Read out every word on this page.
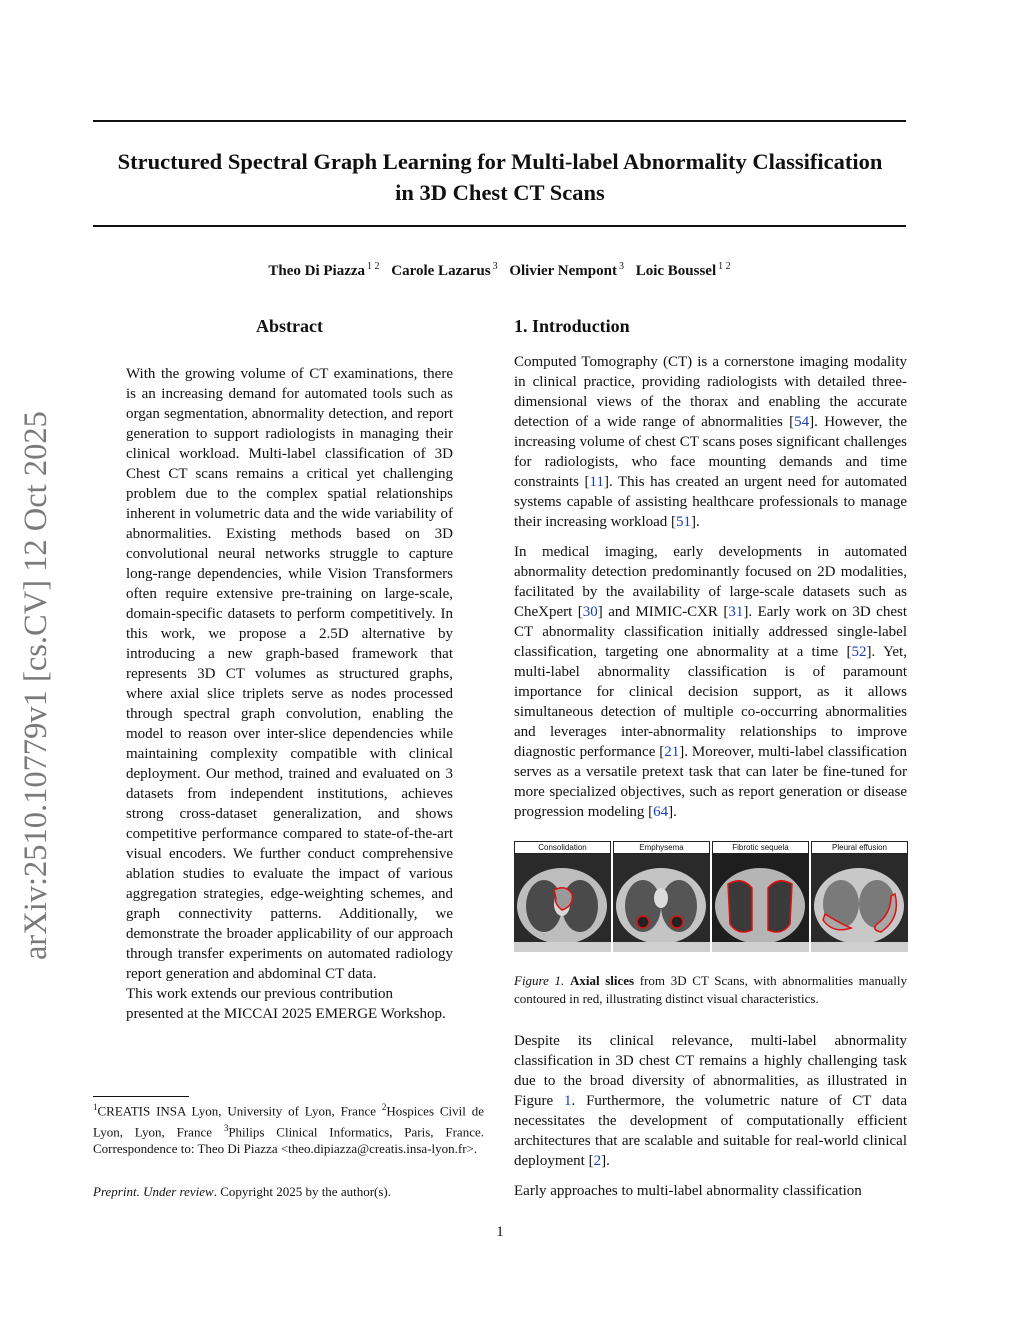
Structured Spectral Graph Learning for Multi-label Abnormality Classification
in 3D Chest CT Scans
Theo Di Piazza $^{1 2}$ Carole Lazarus $^3$ Olivier Nempont $^3$ Loic Boussel $^{1 2}$
arXiv:2510.10779v1 [cs.CV] 12 Oct 2025
Abstract

With the growing volume of CT examinations, there is an increasing demand for automated tools such as organ segmentation, abnormality detection, and report generation to support radiologists in managing their clinical workload. Multi-label classification of 3D Chest CT scans remains a critical yet challenging problem due to the complex spatial relationships inherent in volumetric data and the wide variability of abnormalities. Existing methods based on 3D convolutional neural networks struggle to capture long-range dependencies, while Vision Transformers often require extensive pre-training on large-scale, domain-specific datasets to perform competitively. In this work, we propose a 2.5D alternative by introducing a new graph-based framework that represents 3D CT volumes as structured graphs, where axial slice triplets serve as nodes processed through spectral graph convolution, enabling the model to reason over inter-slice dependencies while maintaining complexity compatible with clinical deployment. Our method, trained and evaluated on 3 datasets from independent institutions, achieves strong cross-dataset generalization, and shows competitive performance compared to state-of-the-art visual encoders. We further conduct comprehensive ablation studies to evaluate the impact of various aggregation strategies, edge-weighting schemes, and graph connectivity patterns. Additionally, we demonstrate the broader applicability of our approach through transfer experiments on automated radiology report generation and abdominal CT data.

This work extends our previous contribution presented at the MICCAI 2025 EMERGE Workshop.

1. Introduction

Computed Tomography (CT) is a cornerstone imaging modality in clinical practice, providing radiologists with detailed three-dimensional views of the thorax and enabling the accurate detection of a wide range of abnormalities [54]. However, the increasing volume of chest CT scans poses significant challenges for radiologists, who face mounting demands and time constraints [11]. This has created an urgent need for automated systems capable of assisting healthcare professionals to manage their increasing workload [51].

In medical imaging, early developments in automated abnormality detection predominantly focused on 2D modalities, facilitated by the availability of large-scale datasets such as CheXpert [30] and MIMIC-CXR [31]. Early work on 3D chest CT abnormality classification initially addressed single-label classification, targeting one abnormality at a time [52]. Yet, multi-label abnormality classification is of paramount importance for clinical decision support, as it allows simultaneous detection of multiple co-occurring abnormalities and leverages inter-abnormality relationships to improve diagnostic performance [21]. Moreover, multi-label classification serves as a versatile pretext task that can later be fine-tuned for more specialized objectives, such as report generation or disease progression modeling [64].

Consolidation	Emphysema	Fibrotic sequela	Pleural effusion

Figure 1. Axial slices from 3D CT Scans, with abnormalities manually contoured in red, illustrating distinct visual characteristics.

Despite its clinical relevance, multi-label abnormality classification in 3D chest CT remains a highly challenging task due to the broad diversity of abnormalities, as illustrated in Figure 1. Furthermore, the volumetric nature of CT data necessitates the development of computationally efficient architectures that are scalable and suitable for real-world clinical deployment [2].

Early approaches to multi-label abnormality classification

$^1$CREATIS INSA Lyon, University of Lyon, France $^2$Hospices Civil de Lyon, Lyon, France $^3$Philips Clinical Informatics, Paris, France. Correspondence to: Theo Di Piazza <theo.dipiazza@creatis.insa-lyon.fr>.

Preprint. Under review. Copyright 2025 by the author(s).

1
